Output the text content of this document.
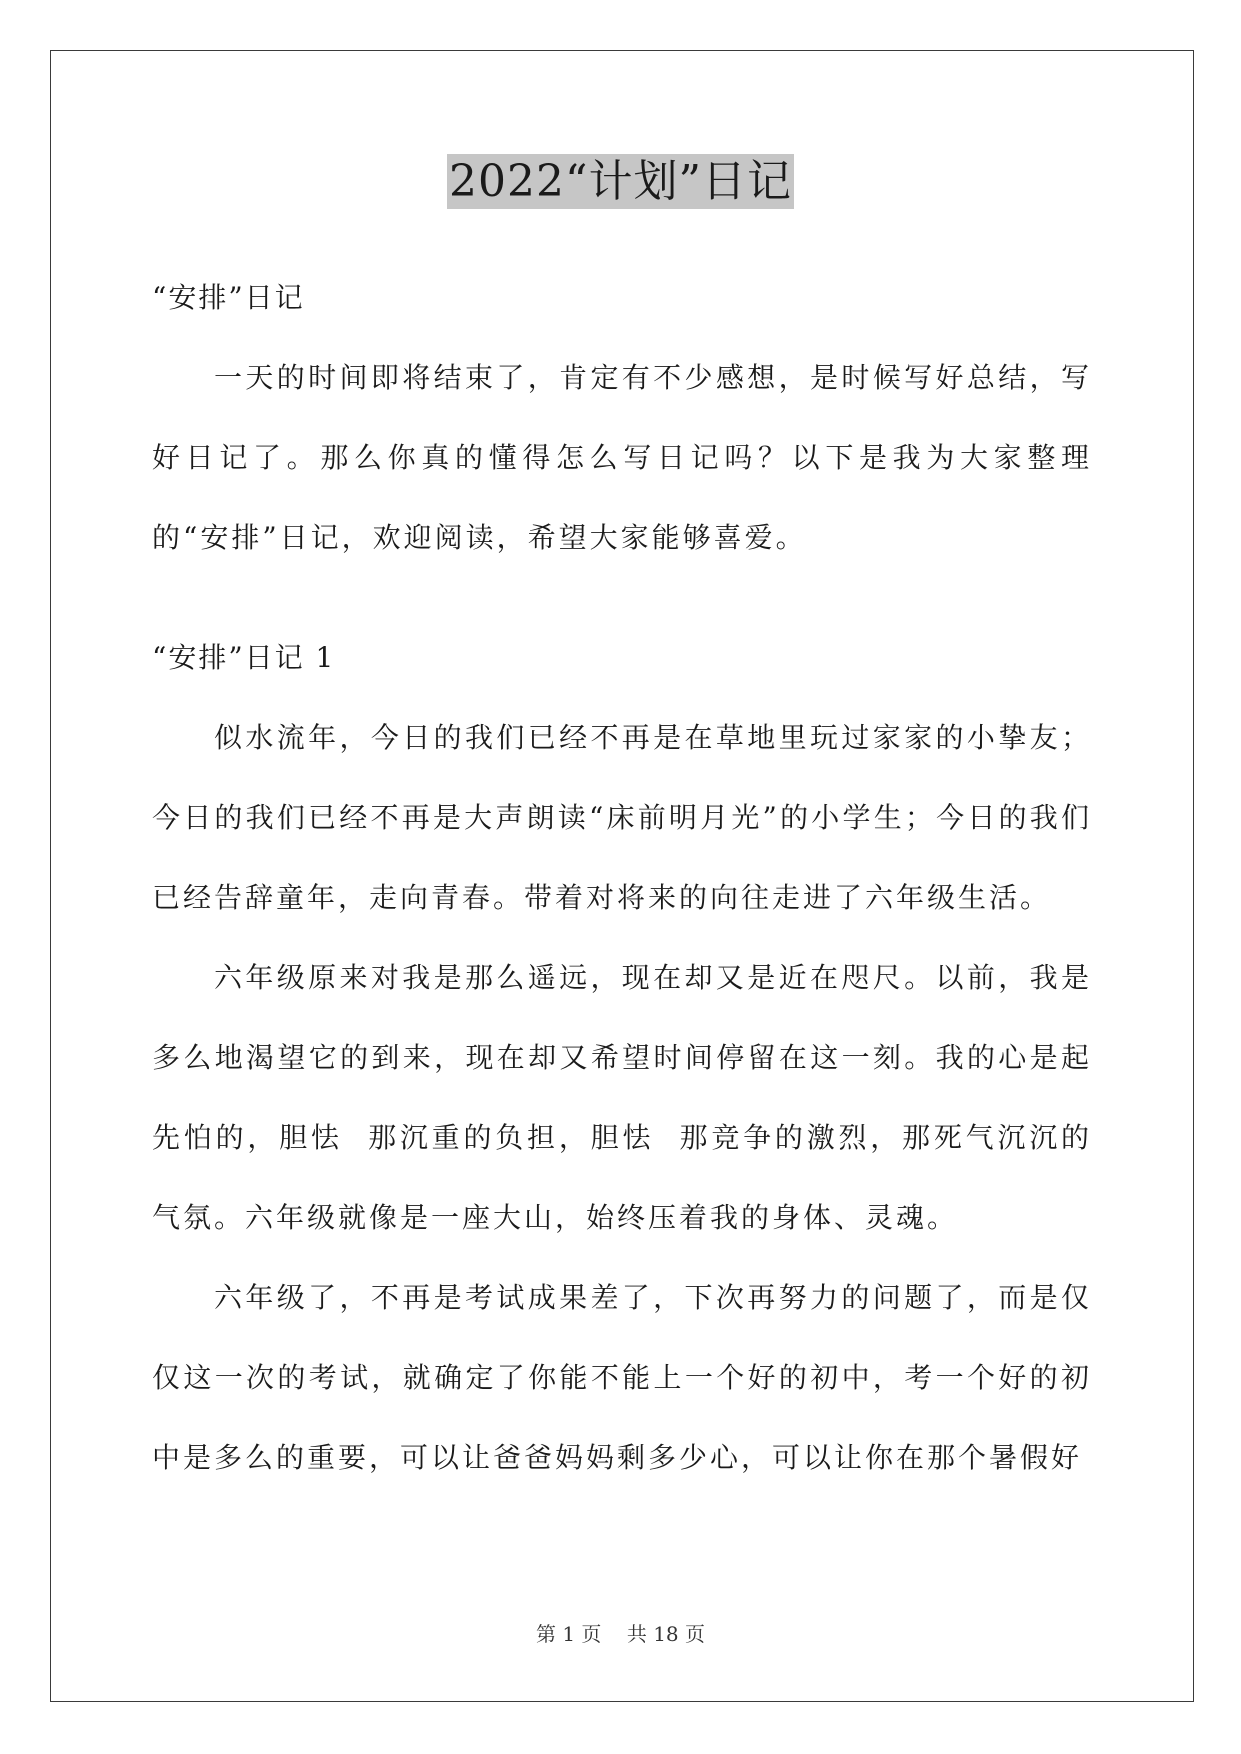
2022“计划”日记

“安排”日记

一天的时间即将结束了，肯定有不少感想，是时候写好总结，写好日记了。那么你真的懂得怎么写日记吗？以下是我为大家整理的“安排”日记，欢迎阅读，希望大家能够喜爱。

“安排”日记 1

似水流年，今日的我们已经不再是在草地里玩过家家的小挚友；今日的我们已经不再是大声朗读“床前明月光”的小学生；今日的我们已经告辞童年，走向青春。带着对将来的向往走进了六年级生活。

六年级原来对我是那么遥远，现在却又是近在咫尺。以前，我是多么地渴望它的到来，现在却又希望时间停留在这一刻。我的心是起先怕的，胆怯  那沉重的负担，胆怯  那竞争的激烈，那死气沉沉的气氛。六年级就像是一座大山，始终压着我的身体、灵魂。

六年级了，不再是考试成果差了，下次再努力的问题了，而是仅仅这一次的考试，就确定了你能不能上一个好的初中，考一个好的初中是多么的重要，可以让爸爸妈妈剩多少心，可以让你在那个暑假好

第 1 页    共 18 页
